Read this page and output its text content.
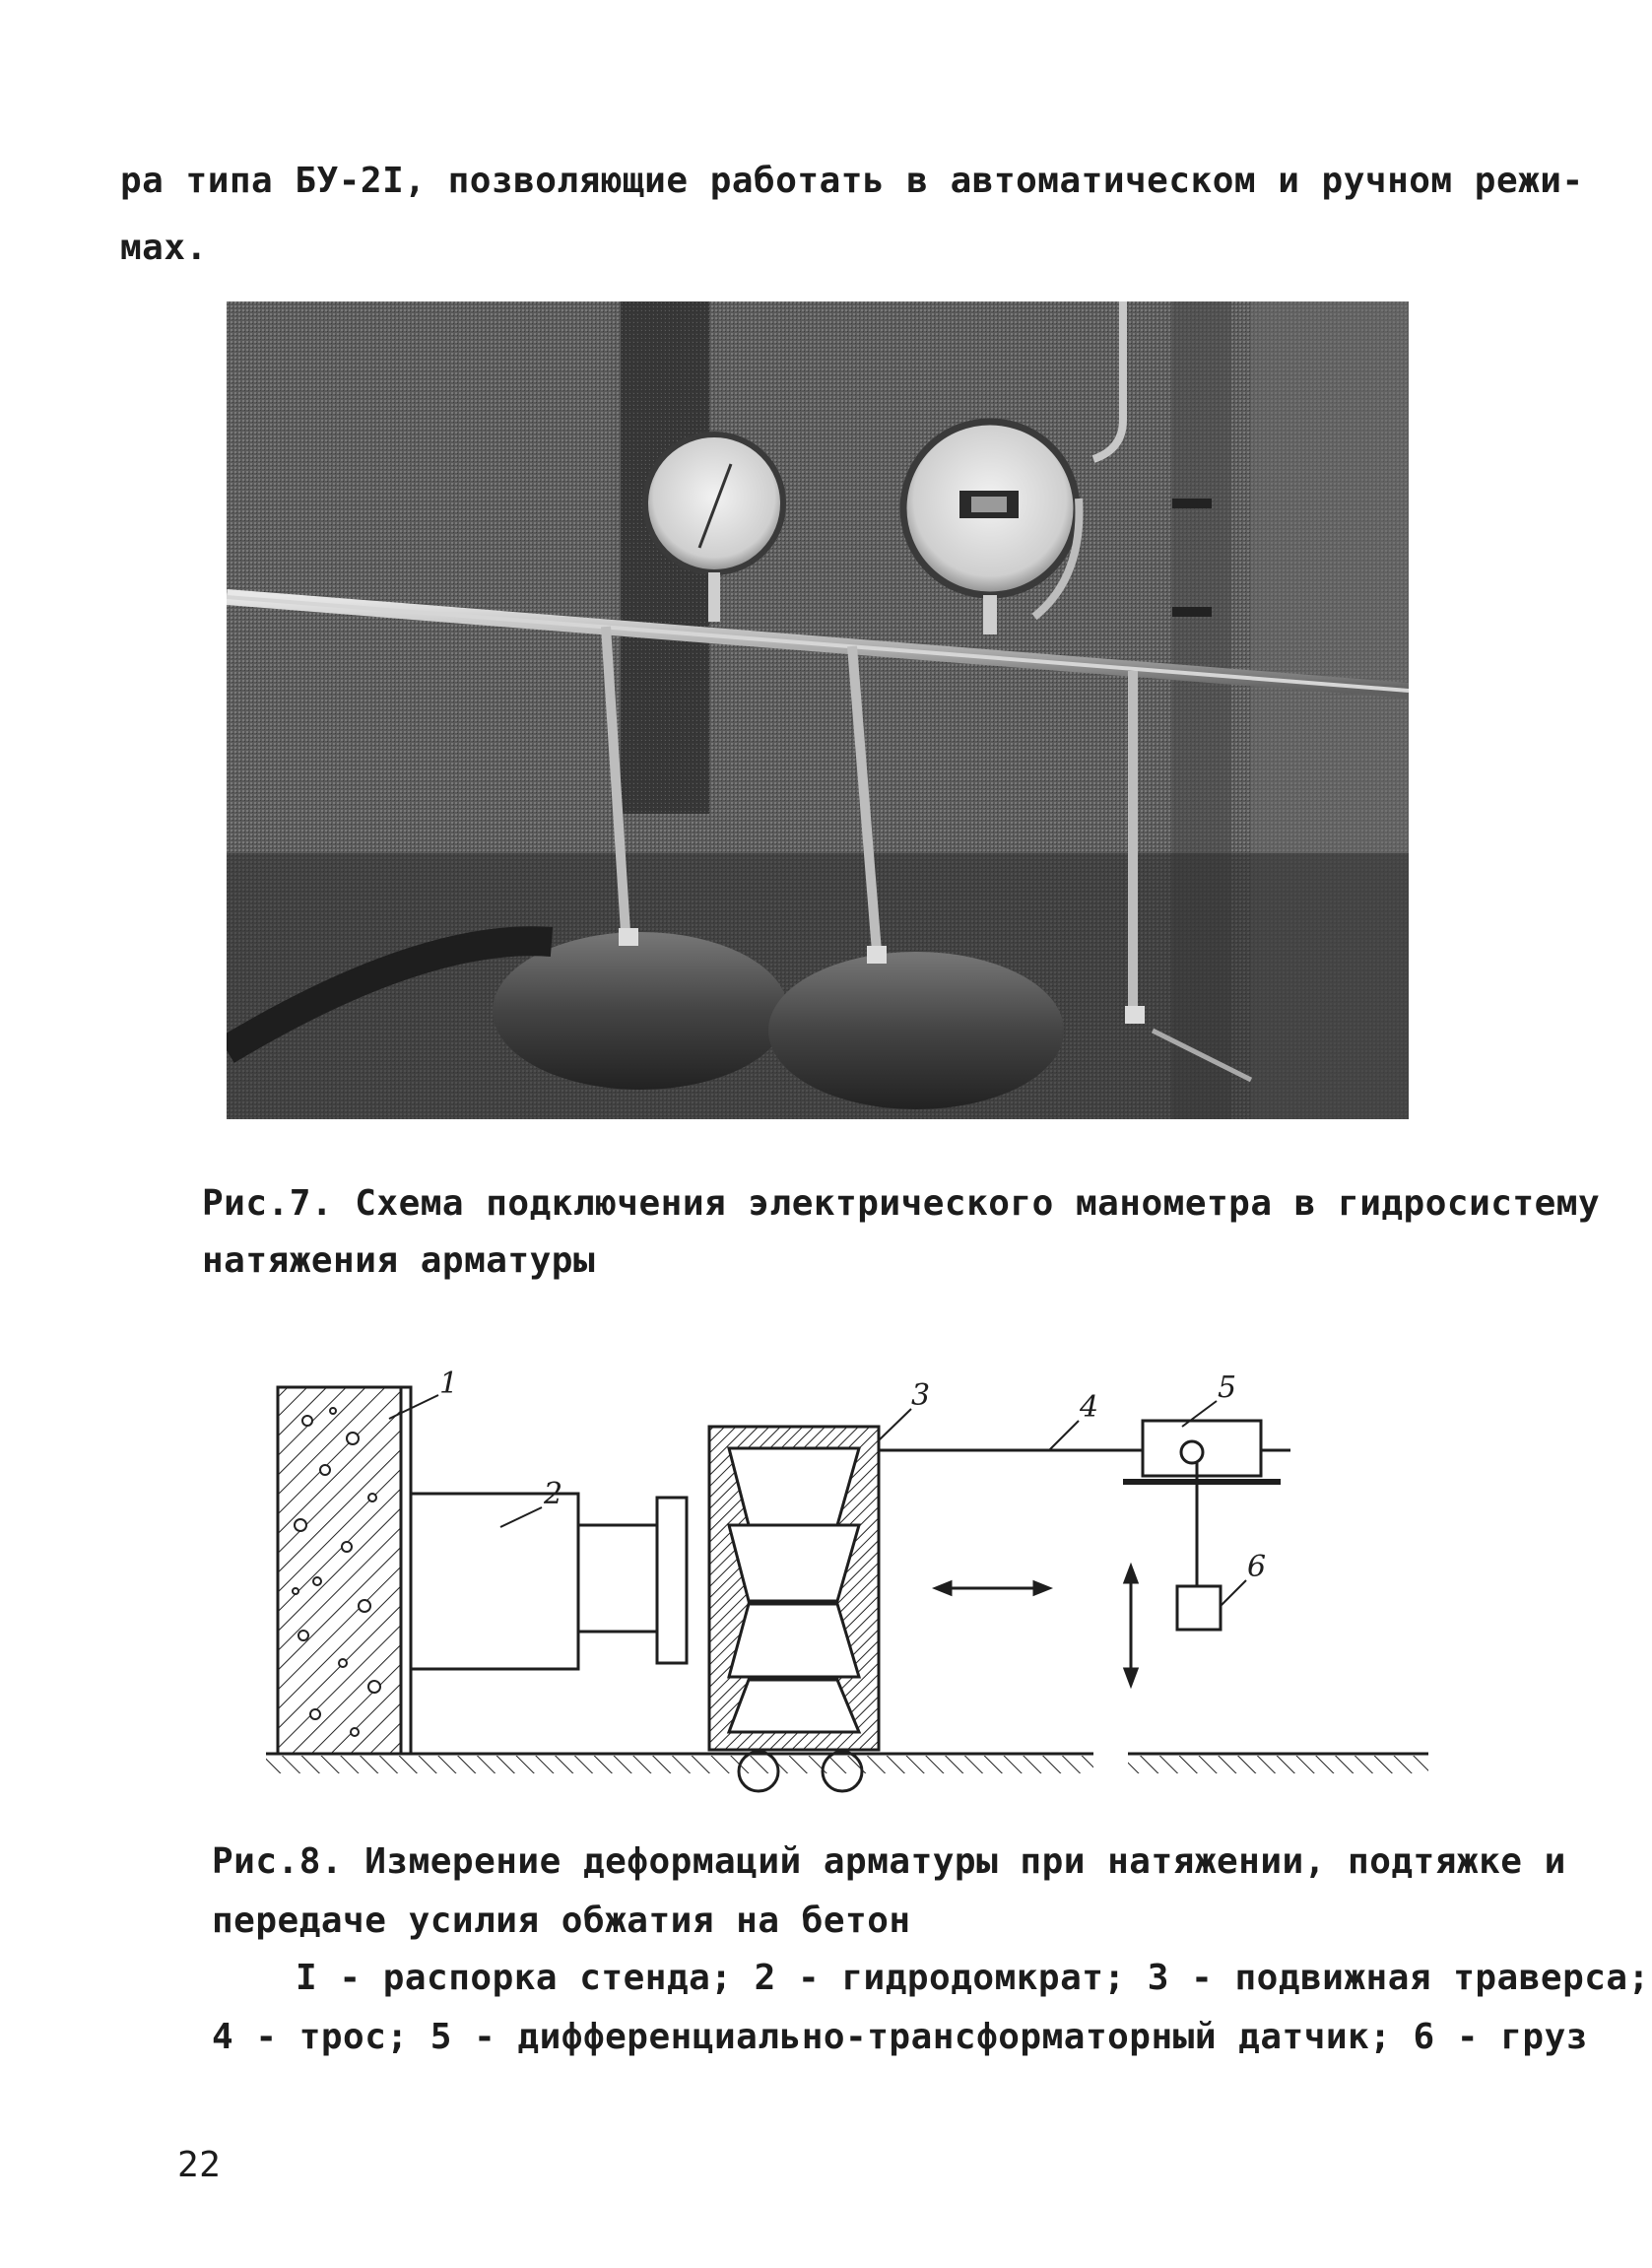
ра типа БУ-2I, позволяющие работать в автоматическом и ручном режи-
мах.
Рис.7. Схема подключения электрического манометра в гидросистему
натяжения арматуры
1
2
3	4
5
6
Рис.8. Измерение деформаций арматуры при натяжении, подтяжке и
передаче усилия обжатия на бетон
I - распорка стенда; 2 - гидродомкрат; 3 - подвижная траверса;
4 - трос; 5 - дифференциально-трансформаторный датчик; 6 - груз
22
